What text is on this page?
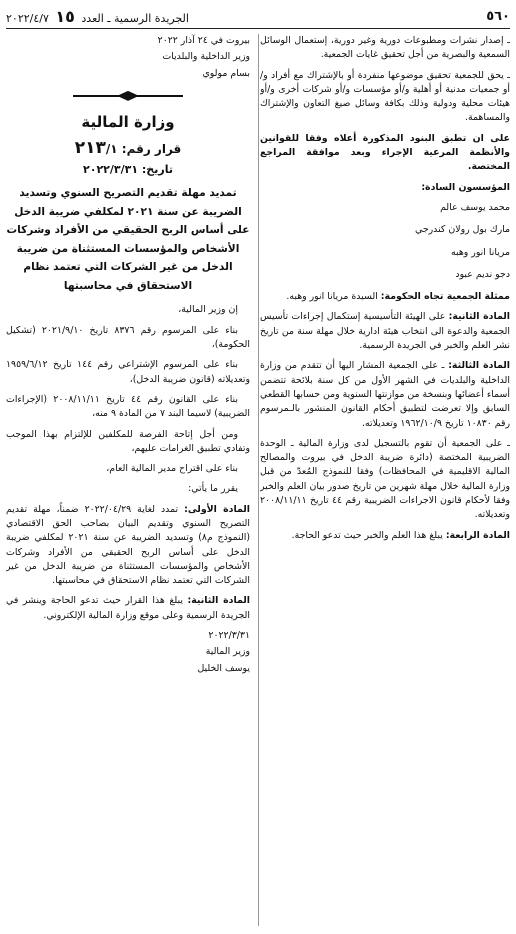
٥٦٠
الجريدة الرسمية ـ العدد ١٥ ٢٠٢٢/٤/٧

ـ إصدار نشرات ومطبوعات دورية وغير دورية، إستعمال الوسائل السمعية والبصرية من أجل تحقيق غايات الجمعية.

ـ يحق للجمعية تحقيق موضوعها منفردة أو بالإشتراك مع أفراد و/أو جمعيات مدنية أو أهلية و/أو مؤسسات و/أو شركات أخرى و/أو هيئات محلية ودولية وذلك بكافة وسائل صيغ التعاون والإشتراك والمساهمة.

على ان تطبق البنود المذكورة أعلاه وفقا للقوانين والأنظمة المرعية الإجراء وبعد موافقة المراجع المختصة.

المؤسسون السادة:

محمد يوسف عالم

مارك بول رولان كندرجي

مريانا انور وهبه

دجو نديم عبود

ممثلة الجمعية تجاه الحكومة: السيدة مريانا انور وهبه.

المادة الثانية: على الهيئة التأسيسية إستكمال إجراءات تأسيس الجمعية والدعوة الى انتخاب هيئة ادارية خلال مهلة سنة من تاريخ نشر العلم والخبر في الجريدة الرسمية.

المادة الثالثة: ـ على الجمعية المشار اليها أن تتقدم من وزارة الداخلية والبلديات في الشهر الأول من كل سنة بلائحة تتضمن أسماء أعضائها وبنسخة من موازنتها السنوية ومن حسابها القطعي السابق وإلا تعرضت لتطبيق أحكام القانون المنشور بالـمرسوم رقم ١٠٨٣٠ تاريخ ١٩٦٢/١٠/٩ وتعديلاته.

ـ على الجمعية أن تقوم بالتسجيل لدى وزارة المالية ـ الوحدة الضريبية المختصة (دائرة ضريبة الدخل في بيروت والمصالح المالية الاقليمية في المحافظات) وفقا للنموذج المُعدّ من قبل وزارة المالية خلال مهلة شهرين من تاريخ صدور بيان العلم والخبر وفقا لأحكام قانون الاجراءات الضريبية رقم ٤٤ تاريخ ٢٠٠٨/١١/١١ وتعديلاته.

المادة الرابعة: يبلغ هذا العلم والخبر حيث تدعو الحاجة.

بيروت في ٢٤ آذار ٢٠٢٢

وزير الداخلية والبلديات

بسام مولوي

وزارة المالية

قرار رقم: ٢١٣/١

تاريخ: ٢٠٢٢/٣/٣١

تمديد مهلة تقديم التصريح السنوي وتسديد الضريبة عن سنة ٢٠٢١ لمكلفي ضريبة الدخل على أساس الربح الحقيقي من الأفراد وشركات الأشخاص والمؤسسات المستثناة من ضريبة الدخل من غير الشركات التي تعتمد نظام الاستحقاق في محاسبتها

إن وزير المالية،

بناء على المرسوم رقم ٨٣٧٦ تاريخ ٢٠٢١/٩/١٠ (تشكيل الحكومة)،

بناء على المرسوم الإشتراعي رقم ١٤٤ تاريخ ١٩٥٩/٦/١٢ وتعديلاته (قانون ضريبة الدخل)،

بناء على القانون رقم ٤٤ تاريخ ٢٠٠٨/١١/١١ (الإجراءات الضريبية) لاسيما البند ٧ من المادة ٩ منه،

ومن أجل إتاحة الفرصة للمكلفين للإلتزام بهذا الموجب وتفادي تطبيق الغرامات عليهم،

بناء على اقتراح مدير المالية العام،

يقرر ما يأتي:

المادة الأولى: تمدد لغاية ٢٠٢٢/٠٤/٢٩ ضمناً، مهلة تقديم التصريح السنوي وتقديم البيان بصاحب الحق الاقتصادي (النموذج م٨) وتسديد الضريبة عن سنة ٢٠٢١ لمكلفي ضريبة الدخل على أساس الربح الحقيقي من الأفراد وشركات الأشخاص والمؤسسات المستثناة من ضريبة الدخل من غير الشركات التي تعتمد نظام الاستحقاق في محاسبتها.

المادة الثانية: يبلغ هذا القرار حيث تدعو الحاجة وينشر في الجريدة الرسمية وعلى موقع وزارة المالية الإلكتروني.

٢٠٢٢/٣/٣١

وزير المالية

يوسف الخليل
